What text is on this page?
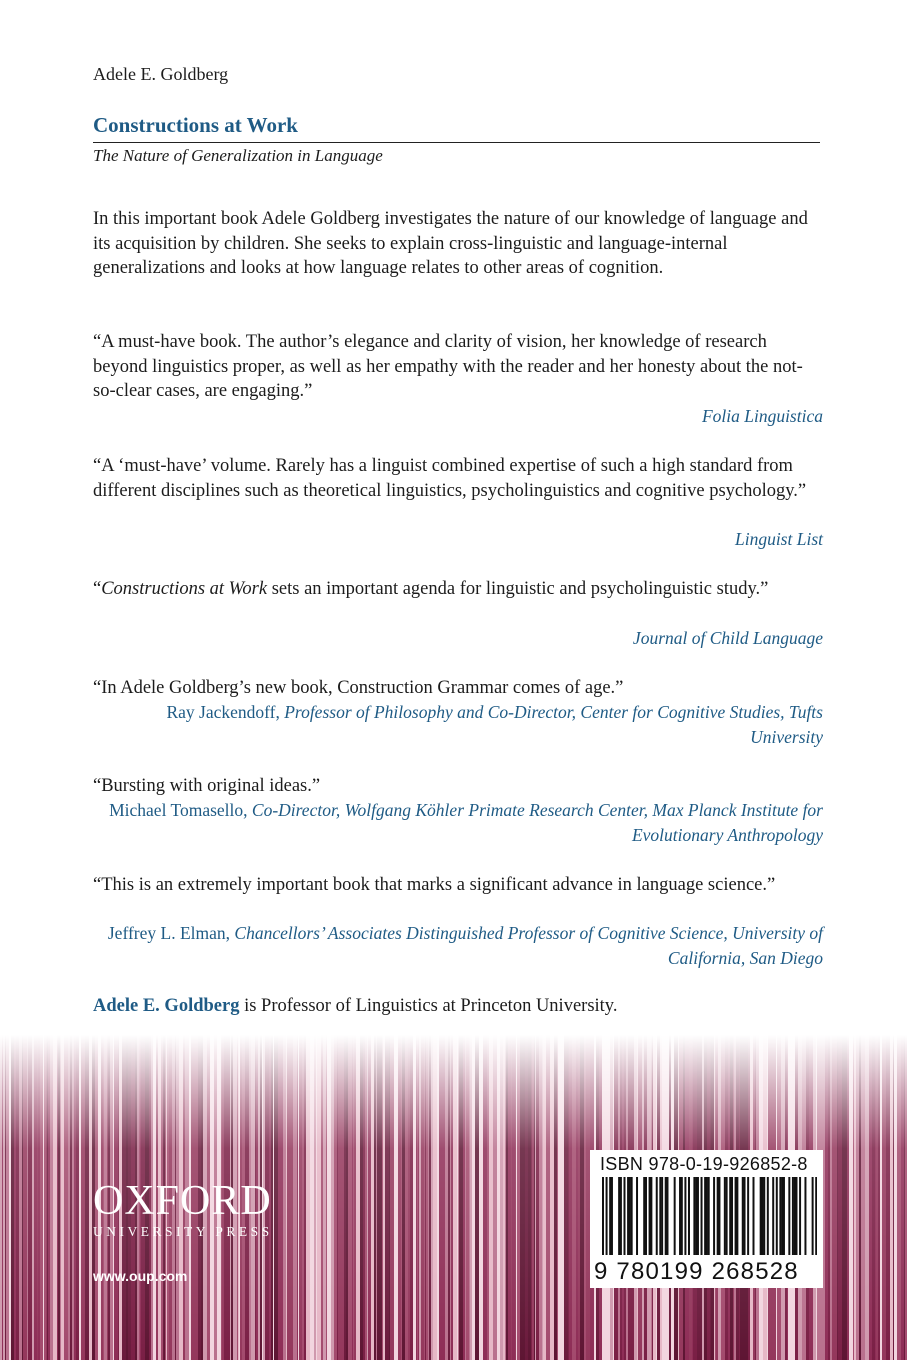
Adele E. Goldberg
Constructions at Work
The Nature of Generalization in Language
In this important book Adele Goldberg investigates the nature of our knowledge of language and its acquisition by children. She seeks to explain cross-linguistic and language-internal generalizations and looks at how language relates to other areas of cognition.
“A must-have book. The author’s elegance and clarity of vision, her knowledge of research beyond linguistics proper, as well as her empathy with the reader and her honesty about the not-so-clear cases, are engaging.”
Folia Linguistica
“A ‘must-have’ volume. Rarely has a linguist combined expertise of such a high standard from different disciplines such as theoretical linguistics, psycholinguistics and cognitive psychology.”
Linguist List
“Constructions at Work sets an important agenda for linguistic and psycholinguistic study.”
Journal of Child Language
“In Adele Goldberg’s new book, Construction Grammar comes of age.”
Ray Jackendoff, Professor of Philosophy and Co-Director, Center for Cognitive Studies, Tufts University
“Bursting with original ideas.”
Michael Tomasello, Co-Director, Wolfgang Köhler Primate Research Center, Max Planck Institute for Evolutionary Anthropology
“This is an extremely important book that marks a significant advance in language science.”
Jeffrey L. Elman, Chancellors’ Associates Distinguished Professor of Cognitive Science, University of California, San Diego
Adele E. Goldberg is Professor of Linguistics at Princeton University.
OXFORD
UNIVERSITY PRESS
www.oup.com
ISBN 978-0-19-926852-8
9 780199 268528
